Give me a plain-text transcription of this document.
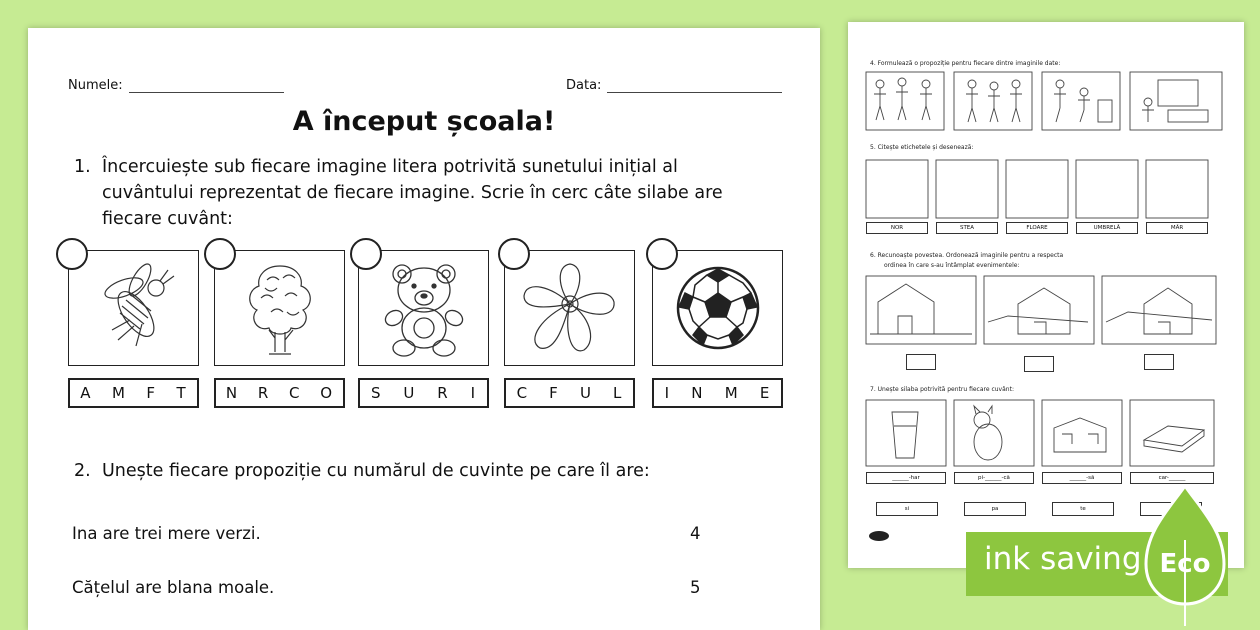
Numele:	Data:
A început școala!
1. Încercuiește sub fiecare imagine litera potrivită sunetului inițial al cuvântului reprezentat de fiecare imagine. Scrie în cerc câte silabe are fiecare cuvânt:
A M F T	N R C O	S U R I	C F U L	I N M E
2. Unește fiecare propoziție cu numărul de cuvinte pe care îl are:
Ina are trei mere verzi.	4
Cățelul are blana moale.	5
4. Formulează o propoziție pentru fiecare dintre imaginile date:
5. Citește etichetele și desenează:
NOR	STEA	FLOARE	UMBRELĂ	MĂR
6. Recunoaște povestea. Ordonează imaginile pentru a respecta
ordinea în care s-au întâmplat evenimentele:
7. Unește silaba potrivită pentru fiecare cuvânt:
______-har	pi-______-că	______-să	car-______
si	pa	te
ink saving Eco
